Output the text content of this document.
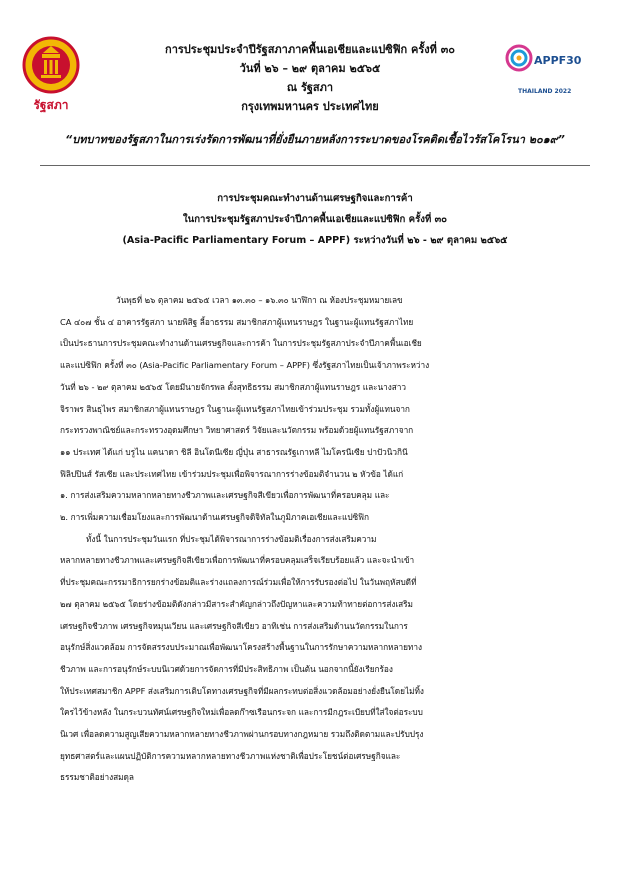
รัฐสภา
APPF30
THAILAND 2022
การประชุมประจำปีรัฐสภาภาคพื้นเอเชียและแปซิฟิก ครั้งที่ ๓๐
วันที่ ๒๖ – ๒๙ ตุลาคม ๒๕๖๕
ณ รัฐสภา
กรุงเทพมหานคร ประเทศไทย
“บทบาทของรัฐสภาในการเร่งรัดการพัฒนาที่ยั่งยืนภายหลังการระบาดของโรคติดเชื้อไวรัสโคโรนา ๒๐๑๙”
การประชุมคณะทำงานด้านเศรษฐกิจและการค้า
ในการประชุมรัฐสภาประจำปีภาคพื้นเอเชียและแปซิฟิก ครั้งที่ ๓๐
(Asia-Pacific Parliamentary Forum – APPF) ระหว่างวันที่ ๒๖ - ๒๙ ตุลาคม ๒๕๖๕
วันพุธที่ ๒๖ ตุลาคม ๒๕๖๕ เวลา ๑๓.๓๐ – ๑๖.๓๐ นาฬิกา ณ ห้องประชุมหมายเลข
CA ๔๐๗ ชั้น ๔ อาคารรัฐสภา นายพิสิฐ ลี้อาธรรม สมาชิกสภาผู้แทนราษฎร ในฐานะผู้แทนรัฐสภาไทย
เป็นประธานการประชุมคณะทำงานด้านเศรษฐกิจและการค้า ในการประชุมรัฐสภาประจำปีภาคพื้นเอเชีย
และแปซิฟิก ครั้งที่ ๓๐ (Asia-Pacific Parliamentary Forum – APPF) ซึ่งรัฐสภาไทยเป็นเจ้าภาพระหว่าง
วันที่ ๒๖ - ๒๙ ตุลาคม ๒๕๖๕ โดยมีนายจักรพล ตั้งสุทธิธรรม สมาชิกสภาผู้แทนราษฎร และนางสาว
จิราพร สินธุไพร สมาชิกสภาผู้แทนราษฎร ในฐานะผู้แทนรัฐสภาไทยเข้าร่วมประชุม รวมทั้งผู้แทนจาก
กระทรวงพาณิชย์และกระทรวงอุดมศึกษา วิทยาศาสตร์ วิจัยและนวัตกรรม พร้อมด้วยผู้แทนรัฐสภาจาก
๑๑ ประเทศ ได้แก่ บรูไน แคนาดา ชิลี อินโดนีเซีย ญี่ปุ่น สาธารณรัฐเกาหลี ไมโครนีเซีย ปาปัวนิวกินี
ฟิลิปปินส์ รัสเซีย และประเทศไทย เข้าร่วมประชุมเพื่อพิจารณาการร่างข้อมติจำนวน ๒ หัวข้อ ได้แก่
๑. การส่งเสริมความหลากหลายทางชีวภาพและเศรษฐกิจสีเขียวเพื่อการพัฒนาที่ครอบคลุม และ
๒. การเพิ่มความเชื่อมโยงและการพัฒนาด้านเศรษฐกิจดิจิทัลในภูมิภาคเอเชียและแปซิฟิก
ทั้งนี้ ในการประชุมวันแรก ที่ประชุมได้พิจารณาการร่างข้อมติเรื่องการส่งเสริมความ
หลากหลายทางชีวภาพและเศรษฐกิจสีเขียวเพื่อการพัฒนาที่ครอบคลุมเสร็จเรียบร้อยแล้ว และจะนำเข้า
ที่ประชุมคณะกรรมาธิการยกร่างข้อมติและร่างแถลงการณ์ร่วมเพื่อให้การรับรองต่อไป ในวันพฤหัสบดีที่
๒๗ ตุลาคม ๒๕๖๕ โดยร่างข้อมติดังกล่าวมีสาระสำคัญกล่าวถึงปัญหาและความท้าทายต่อการส่งเสริม
เศรษฐกิจชีวภาพ เศรษฐกิจหมุนเวียน และเศรษฐกิจสีเขียว อาทิเช่น การส่งเสริมด้านนวัตกรรมในการ
อนุรักษ์สิ่งแวดล้อม การจัดสรรงบประมาณเพื่อพัฒนาโครงสร้างพื้นฐานในการรักษาความหลากหลายทาง
ชีวภาพ และการอนุรักษ์ระบบนิเวศด้วยการจัดการที่มีประสิทธิภาพ เป็นต้น นอกจากนี้ยังเรียกร้อง
ให้ประเทศสมาชิก APPF ส่งเสริมการเติบโตทางเศรษฐกิจที่มีผลกระทบต่อสิ่งแวดล้อมอย่างยั่งยืนโดยไม่ทิ้ง
ใครไว้ข้างหลัง ในกระบวนทัศน์เศรษฐกิจใหม่เพื่อลดก๊าซเรือนกระจก และการมีกฎระเบียบที่ใส่ใจต่อระบบ
นิเวศ เพื่อลดความสูญเสียความหลากหลายทางชีวภาพผ่านกรอบทางกฎหมาย รวมถึงติดตามและปรับปรุง
ยุทธศาสตร์และแผนปฏิบัติการความหลากหลายทางชีวภาพแห่งชาติเพื่อประโยชน์ต่อเศรษฐกิจและ
ธรรมชาติอย่างสมดุล
